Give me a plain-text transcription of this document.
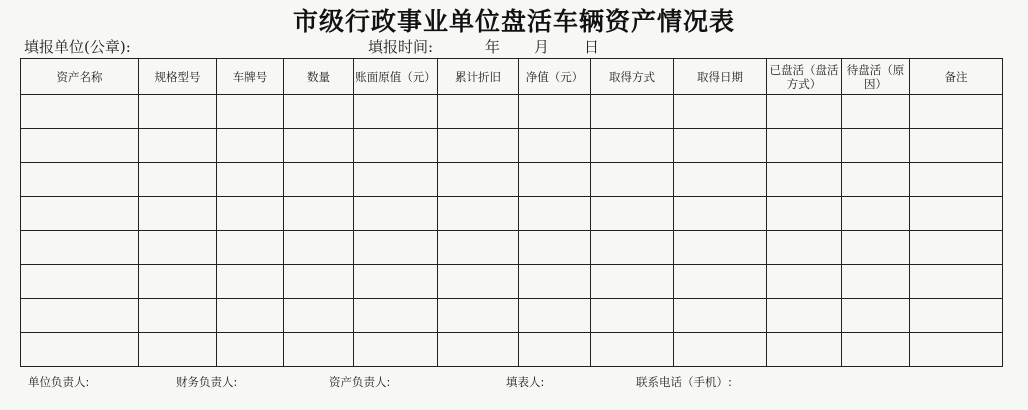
市级行政事业单位盘活车辆资产情况表
填报单位(公章):	填报时间:	年 月 日
资产名称	规格型号	车牌号	数量	账面原值（元）	累计折旧	净值（元）	取得方式	取得日期	已盘活（盘活方式）	待盘活（原因）	备注

单位负责人:	财务负责人:	资产负责人:	填表人:	联系电话（手机）:
